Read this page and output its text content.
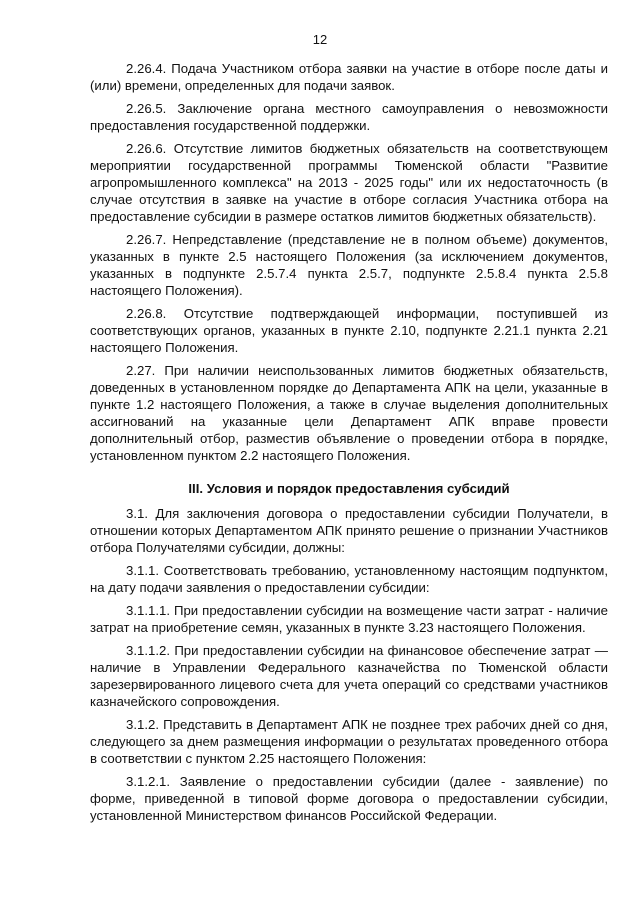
12

2.26.4. Подача Участником отбора заявки на участие в отборе после даты и (или) времени, определенных для подачи заявок.

2.26.5. Заключение органа местного самоуправления о невозможности предоставления государственной поддержки.

2.26.6. Отсутствие лимитов бюджетных обязательств на соответствующем мероприятии государственной программы Тюменской области "Развитие агропромышленного комплекса" на 2013 - 2025 годы" или их недостаточность (в случае отсутствия в заявке на участие в отборе согласия Участника отбора на предоставление субсидии в размере остатков лимитов бюджетных обязательств).

2.26.7. Непредставление (представление не в полном объеме) документов, указанных в пункте 2.5 настоящего Положения (за исключением документов, указанных в подпункте 2.5.7.4 пункта 2.5.7, подпункте 2.5.8.4 пункта 2.5.8 настоящего Положения).

2.26.8. Отсутствие подтверждающей информации, поступившей из соответствующих органов, указанных в пункте 2.10, подпункте 2.21.1 пункта 2.21 настоящего Положения.

2.27. При наличии неиспользованных лимитов бюджетных обязательств, доведенных в установленном порядке до Департамента АПК на цели, указанные в пункте 1.2 настоящего Положения, а также в случае выделения дополнительных ассигнований на указанные цели Департамент АПК вправе провести дополнительный отбор, разместив объявление о проведении отбора в порядке, установленном пунктом 2.2 настоящего Положения.

III. Условия и порядок предоставления субсидий

3.1. Для заключения договора о предоставлении субсидии Получатели, в отношении которых Департаментом АПК принято решение о признании Участников отбора Получателями субсидии, должны:

3.1.1. Соответствовать требованию, установленному настоящим подпунктом, на дату подачи заявления о предоставлении субсидии:

3.1.1.1. При предоставлении субсидии на возмещение части затрат - наличие затрат на приобретение семян, указанных в пункте 3.23 настоящего Положения.

3.1.1.2. При предоставлении субсидии на финансовое обеспечение затрат — наличие в Управлении Федерального казначейства по Тюменской области зарезервированного лицевого счета для учета операций со средствами участников казначейского сопровождения.

3.1.2. Представить в Департамент АПК не позднее трех рабочих дней со дня, следующего за днем размещения информации о результатах проведенного отбора в соответствии с пунктом 2.25 настоящего Положения:

3.1.2.1. Заявление о предоставлении субсидии (далее - заявление) по форме, приведенной в типовой форме договора о предоставлении субсидии, установленной Министерством финансов Российской Федерации.
